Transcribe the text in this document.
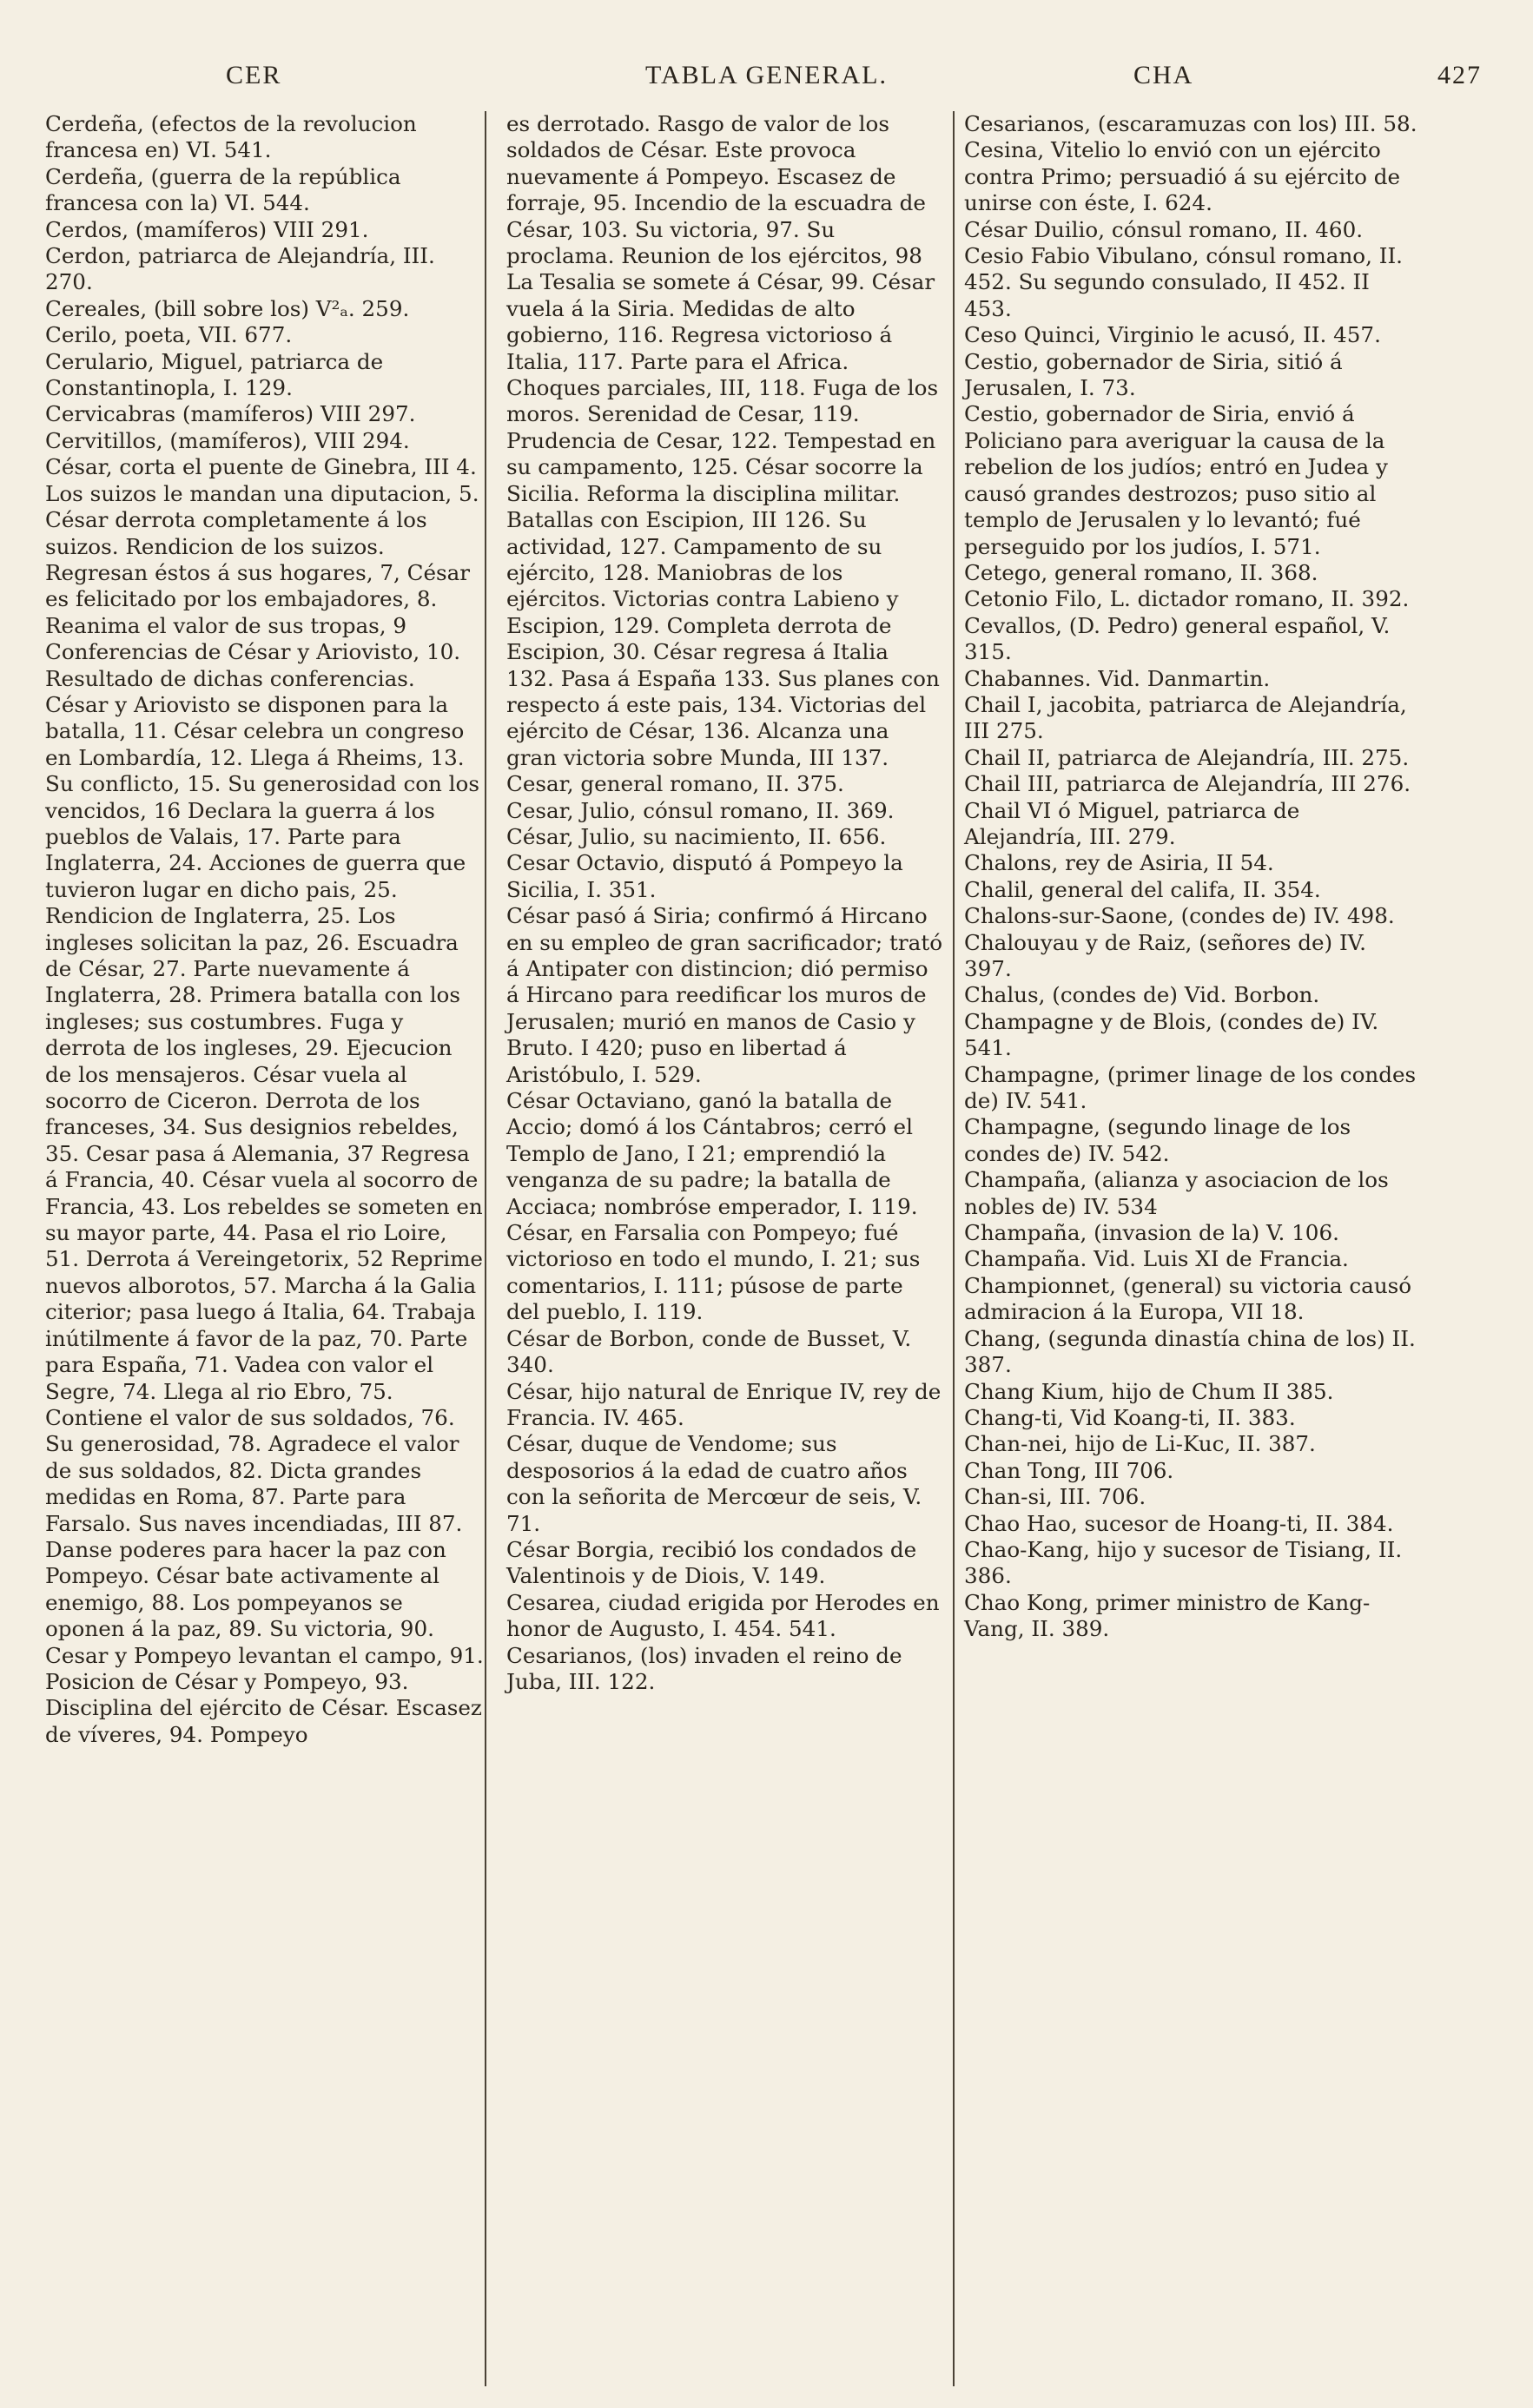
CER	TABLA GENERAL.	CHA	427

Cerdeña, (efectos de la revolucion francesa en) VI. 541.

Cerdeña, (guerra de la república francesa con la) VI. 544.

Cerdos, (mamíferos) VIII 291.

Cerdon, patriarca de Alejandría, III. 270.

Cereales, (bill sobre los) V²ₐ. 259.

Cerilo, poeta, VII. 677.

Cerulario, Miguel, patriarca de Constantinopla, I. 129.

Cervicabras (mamíferos) VIII 297.

Cervitillos, (mamíferos), VIII 294.

César, corta el puente de Ginebra, III 4. Los suizos le mandan una diputacion, 5. César derrota completamente á los suizos. Rendicion de los suizos. Regresan éstos á sus hogares, 7, César es felicitado por los embajadores, 8. Reanima el valor de sus tropas, 9 Conferencias de César y Ariovisto, 10. Resultado de dichas conferencias. César y Ariovisto se disponen para la batalla, 11. César celebra un congreso en Lombardía, 12. Llega á Rheims, 13. Su conflicto, 15. Su generosidad con los vencidos, 16 Declara la guerra á los pueblos de Valais, 17. Parte para Inglaterra, 24. Acciones de guerra que tuvieron lugar en dicho pais, 25. Rendicion de Inglaterra, 25. Los ingleses solicitan la paz, 26. Escuadra de César, 27. Parte nuevamente á Inglaterra, 28. Primera batalla con los ingleses; sus costumbres. Fuga y derrota de los ingleses, 29. Ejecucion de los mensajeros. César vuela al socorro de Ciceron. Derrota de los franceses, 34. Sus designios rebeldes, 35. Cesar pasa á Alemania, 37 Regresa á Francia, 40. César vuela al socorro de Francia, 43. Los rebeldes se someten en su mayor parte, 44. Pasa el rio Loire, 51. Derrota á Vereingetorix, 52 Reprime nuevos alborotos, 57. Marcha á la Galia citerior; pasa luego á Italia, 64. Trabaja inútilmente á favor de la paz, 70. Parte para España, 71. Vadea con valor el Segre, 74. Llega al rio Ebro, 75. Contiene el valor de sus soldados, 76. Su generosidad, 78. Agradece el valor de sus soldados, 82. Dicta grandes medidas en Roma, 87. Parte para Farsalo. Sus naves incendiadas, III 87. Danse poderes para hacer la paz con Pompeyo. César bate activamente al enemigo, 88. Los pompeyanos se oponen á la paz, 89. Su victoria, 90. Cesar y Pompeyo levantan el campo, 91. Posicion de César y Pompeyo, 93. Disciplina del ejército de César. Escasez de víveres, 94. Pompeyo

es derrotado. Rasgo de valor de los soldados de César. Este provoca nuevamente á Pompeyo. Escasez de forraje, 95. Incendio de la escuadra de César, 103. Su victoria, 97. Su proclama. Reunion de los ejércitos, 98 La Tesalia se somete á César, 99. César vuela á la Siria. Medidas de alto gobierno, 116. Regresa victorioso á Italia, 117. Parte para el Africa. Choques parciales, III, 118. Fuga de los moros. Serenidad de Cesar, 119. Prudencia de Cesar, 122. Tempestad en su campamento, 125. César socorre la Sicilia. Reforma la disciplina militar. Batallas con Escipion, III 126. Su actividad, 127. Campamento de su ejército, 128. Maniobras de los ejércitos. Victorias contra Labieno y Escipion, 129. Completa derrota de Escipion, 30. César regresa á Italia 132. Pasa á España 133. Sus planes con respecto á este pais, 134. Victorias del ejército de César, 136. Alcanza una gran victoria sobre Munda, III 137.

Cesar, general romano, II. 375.

Cesar, Julio, cónsul romano, II. 369.

César, Julio, su nacimiento, II. 656.

Cesar Octavio, disputó á Pompeyo la Sicilia, I. 351.

César pasó á Siria; confirmó á Hircano en su empleo de gran sacrificador; trató á Antipater con distincion; dió permiso á Hircano para reedificar los muros de Jerusalen; murió en manos de Casio y Bruto. I 420; puso en libertad á Aristóbulo, I. 529.

César Octaviano, ganó la batalla de Accio; domó á los Cántabros; cerró el Templo de Jano, I 21; emprendió la venganza de su padre; la batalla de Acciaca; nombróse emperador, I. 119.

César, en Farsalia con Pompeyo; fué victorioso en todo el mundo, I. 21; sus comentarios, I. 111; púsose de parte del pueblo, I. 119.

César de Borbon, conde de Busset, V. 340.

César, hijo natural de Enrique IV, rey de Francia. IV. 465.

César, duque de Vendome; sus desposorios á la edad de cuatro años con la señorita de Mercœur de seis, V. 71.

César Borgia, recibió los condados de Valentinois y de Diois, V. 149.

Cesarea, ciudad erigida por Herodes en honor de Augusto, I. 454. 541.

Cesarianos, (los) invaden el reino de Juba, III. 122.

Cesarianos, (escaramuzas con los) III. 58.

Cesina, Vitelio lo envió con un ejército contra Primo; persuadió á su ejército de unirse con éste, I. 624.

César Duilio, cónsul romano, II. 460.

Cesio Fabio Vibulano, cónsul romano, II. 452. Su segundo consulado, II 452. II 453.

Ceso Quinci, Virginio le acusó, II. 457.

Cestio, gobernador de Siria, sitió á Jerusalen, I. 73.

Cestio, gobernador de Siria, envió á Policiano para averiguar la causa de la rebelion de los judíos; entró en Judea y causó grandes destrozos; puso sitio al templo de Jerusalen y lo levantó; fué perseguido por los judíos, I. 571.

Cetego, general romano, II. 368.

Cetonio Filo, L. dictador romano, II. 392.

Cevallos, (D. Pedro) general español, V. 315.

Chabannes. Vid. Danmartin.

Chail I, jacobita, patriarca de Alejandría, III 275.

Chail II, patriarca de Alejandría, III. 275.

Chail III, patriarca de Alejandría, III 276.

Chail VI ó Miguel, patriarca de Alejandría, III. 279.

Chalons, rey de Asiria, II 54.

Chalil, general del califa, II. 354.

Chalons-sur-Saone, (condes de) IV. 498.

Chalouyau y de Raiz, (señores de) IV. 397.

Chalus, (condes de) Vid. Borbon.

Champagne y de Blois, (condes de) IV. 541.

Champagne, (primer linage de los condes de) IV. 541.

Champagne, (segundo linage de los condes de) IV. 542.

Champaña, (alianza y asociacion de los nobles de) IV. 534

Champaña, (invasion de la) V. 106.

Champaña. Vid. Luis XI de Francia.

Championnet, (general) su victoria causó admiracion á la Europa, VII 18.

Chang, (segunda dinastía china de los) II. 387.

Chang Kium, hijo de Chum II 385.

Chang-ti, Vid Koang-ti, II. 383.

Chan-nei, hijo de Li-Kuc, II. 387.

Chan Tong, III 706.

Chan-si, III. 706.

Chao Hao, sucesor de Hoang-ti, II. 384.

Chao-Kang, hijo y sucesor de Tisiang, II. 386.

Chao Kong, primer ministro de Kang-Vang, II. 389.
